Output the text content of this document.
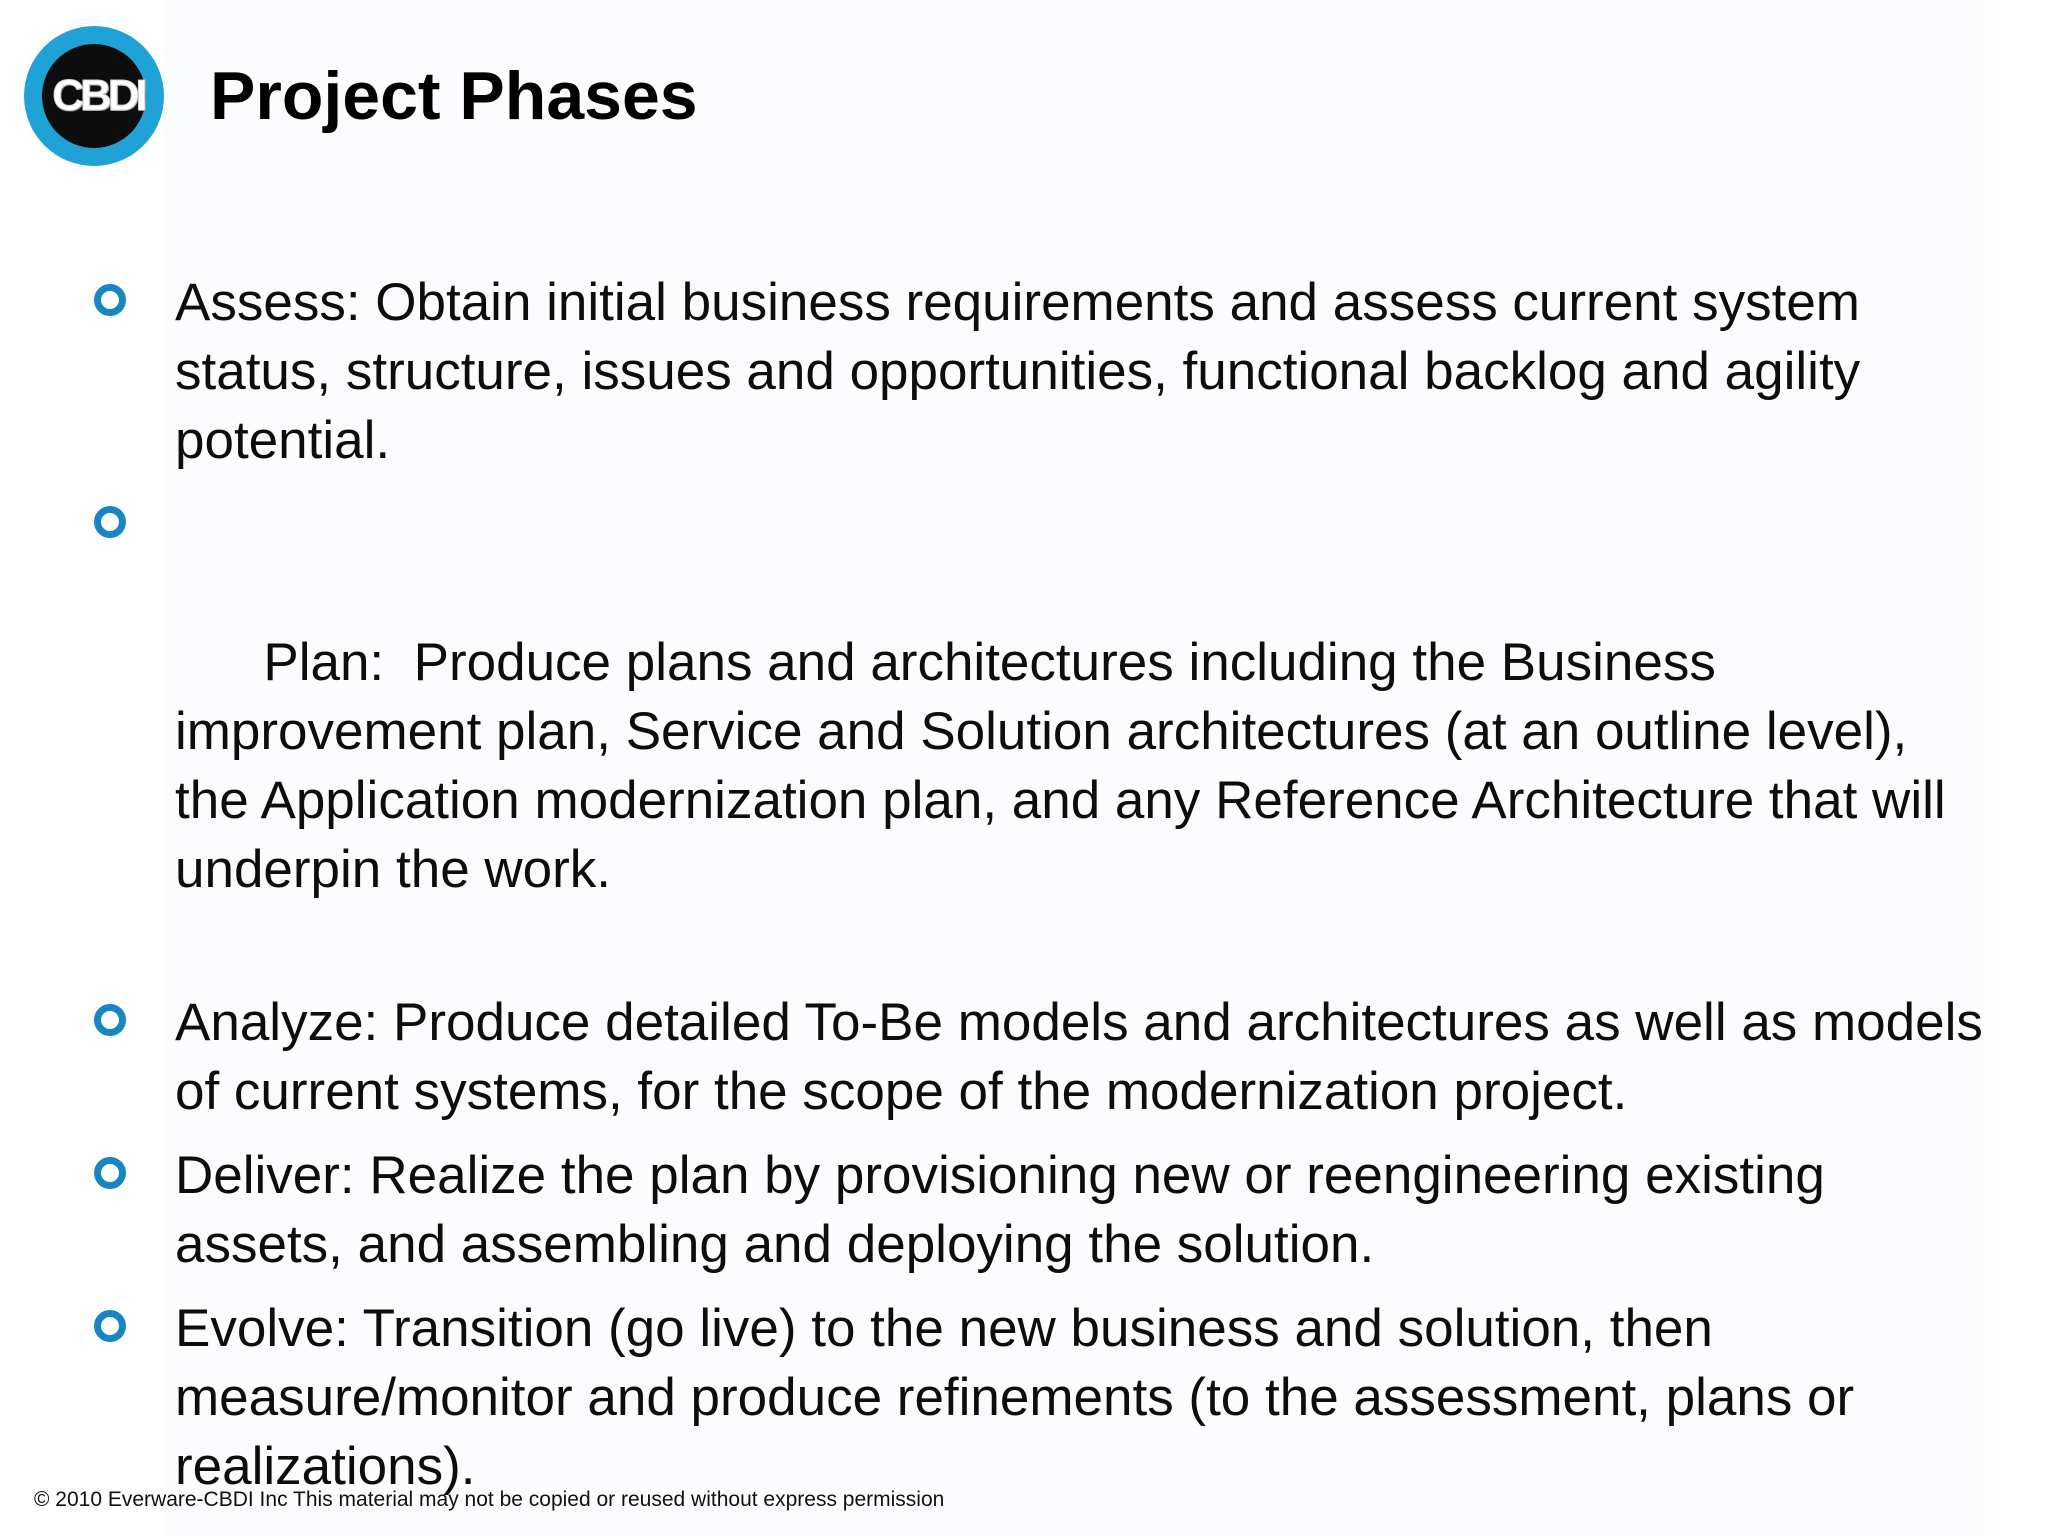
CBDI Project Phases
Assess: Obtain initial business requirements and assess current system status, structure, issues and opportunities, functional backlog and agility potential.

Plan:  Produce plans and architectures including the Business improvement plan, Service and Solution architectures (at an outline level), the Application modernization plan, and any Reference Architecture that will underpin the work.

Analyze: Produce detailed To-Be models and architectures as well as models of current systems, for the scope of the modernization project.
Deliver: Realize the plan by provisioning new or reengineering existing assets, and assembling and deploying the solution.
Evolve: Transition (go live) to the new business and solution, then measure/monitor and produce refinements (to the assessment, plans or realizations).
© 2010 Everware-CBDI Inc This material may not be copied or reused without express permission
